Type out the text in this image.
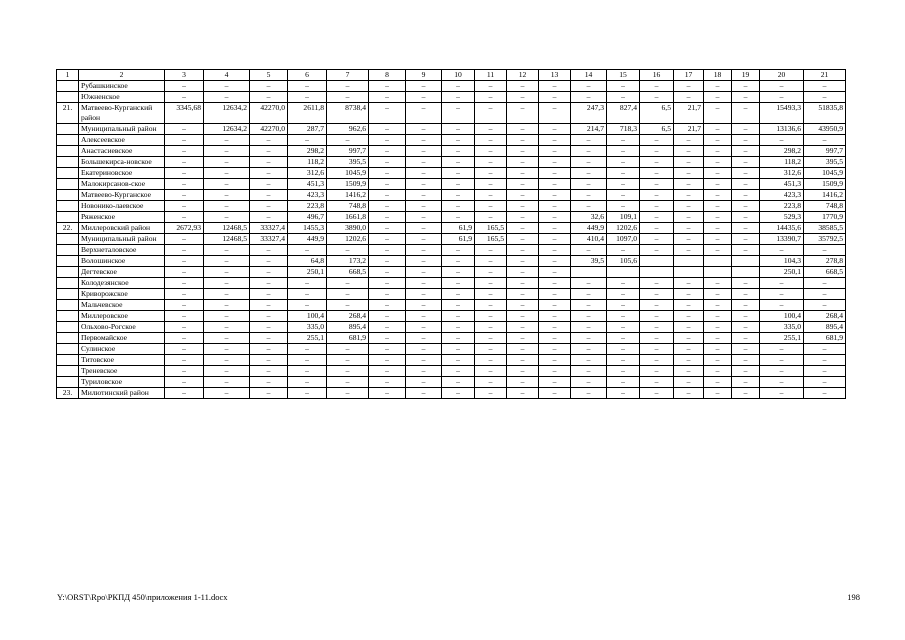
1	2	3	4	5	6	7	8	9	10	11	12	13	14	15	16	17	18	19	20	21
	Рубашкинское	–	–	–	–	–	–	–	–	–	–	–	–	–	–	–	–	–	–	–
	Южненское	–	–	–	–	–	–	–	–	–	–	–	–	–	–	–	–	–	–	–
21.	Матвеево-Курганский район	3345,68	12634,2	42270,0	2611,8	8738,4	–	–	–	–	–	–	247,3	827,4	6,5	21,7	–	–	15493,3	51835,8
	Муниципальный район	–	12634,2	42270,0	287,7	962,6	–	–	–	–	–	–	214,7	718,3	6,5	21,7	–	–	13136,6	43950,9
	Алексеевское	–	–	–	–	–	–	–	–	–	–	–	–	–	–	–	–	–	–	–
	Анастасиевское	–	–	–	298,2	997,7	–	–	–	–	–	–	–	–	–	–	–	–	298,2	997,7
	Большекирса-новское	–	–	–	118,2	395,5	–	–	–	–	–	–	–	–	–	–	–	–	118,2	395,5
	Екатериновское	–	–	–	312,6	1045,9	–	–	–	–	–	–	–	–	–	–	–	–	312,6	1045,9
	Малокирсанов-ское	–	–	–	451,3	1509,9	–	–	–	–	–	–	–	–	–	–	–	–	451,3	1509,9
	Матвеево-Курганское	–	–	–	423,3	1416,2	–	–	–	–	–	–	–	–	–	–	–	–	423,3	1416,2
	Новонико-лаевское	–	–	–	223,8	748,8	–	–	–	–	–	–	–	–	–	–	–	–	223,8	748,8
	Ряженское	–	–	–	496,7	1661,8	–	–	–	–	–	–	32,6	109,1	–	–	–	–	529,3	1770,9
22.	Миллеровский район	2672,93	12468,5	33327,4	1455,3	3890,0	–	–	61,9	165,5	–	–	449,9	1202,6	–	–	–	–	14435,6	38585,5
	Муниципальный район	–	12468,5	33327,4	449,9	1202,6	–	–	61,9	165,5	–	–	410,4	1097,0	–	–	–	–	13390,7	35792,5
	Верхнеталовское	–	–	–	–	–	–	–	–	–	–	–	–	–	–	–	–	–	–	–
	Волошинское	–	–	–	64,8	173,2	–	–	–	–	–	–	39,5	105,6					104,3	278,8
	Дегтевское	–	–	–	250,1	668,5	–	–	–	–	–	–							250,1	668,5
	Колодезянское	–	–	–	–	–	–	–	–	–	–	–	–	–	–	–	–	–	–	–
	Криворожское	–	–	–	–	–	–	–	–	–	–	–	–	–	–	–	–	–	–	–
	Мальчевское	–	–	–	–	–	–	–	–	–	–	–	–	–	–	–	–	–	–	–
	Миллеровское	–	–	–	100,4	268,4	–	–	–	–	–	–	–	–	–	–	–	–	100,4	268,4
	Ольхово-Рогское	–	–	–	335,0	895,4	–	–	–	–	–	–	–	–	–	–	–	–	335,0	895,4
	Первомайское	–	–	–	255,1	681,9	–	–	–	–	–	–	–	–	–	–	–	–	255,1	681,9
	Сулинское	–	–	–	–	–	–	–	–	–	–	–	–	–	–	–	–	–	–	–
	Титовское	–	–	–	–	–	–	–	–	–	–	–	–	–	–	–	–	–	–	–
	Треневское	–	–	–	–	–	–	–	–	–	–	–	–	–	–	–	–	–	–	–
	Туриловское	–	–	–	–	–	–	–	–	–	–	–	–	–	–	–	–	–	–	–
23.	Милютинский район	–	–	–	–	–	–	–	–	–	–	–	–	–	–	–	–	–	–	–
Y:\ORST\Rpo\РКПД 450\приложения 1-11.docx	198
